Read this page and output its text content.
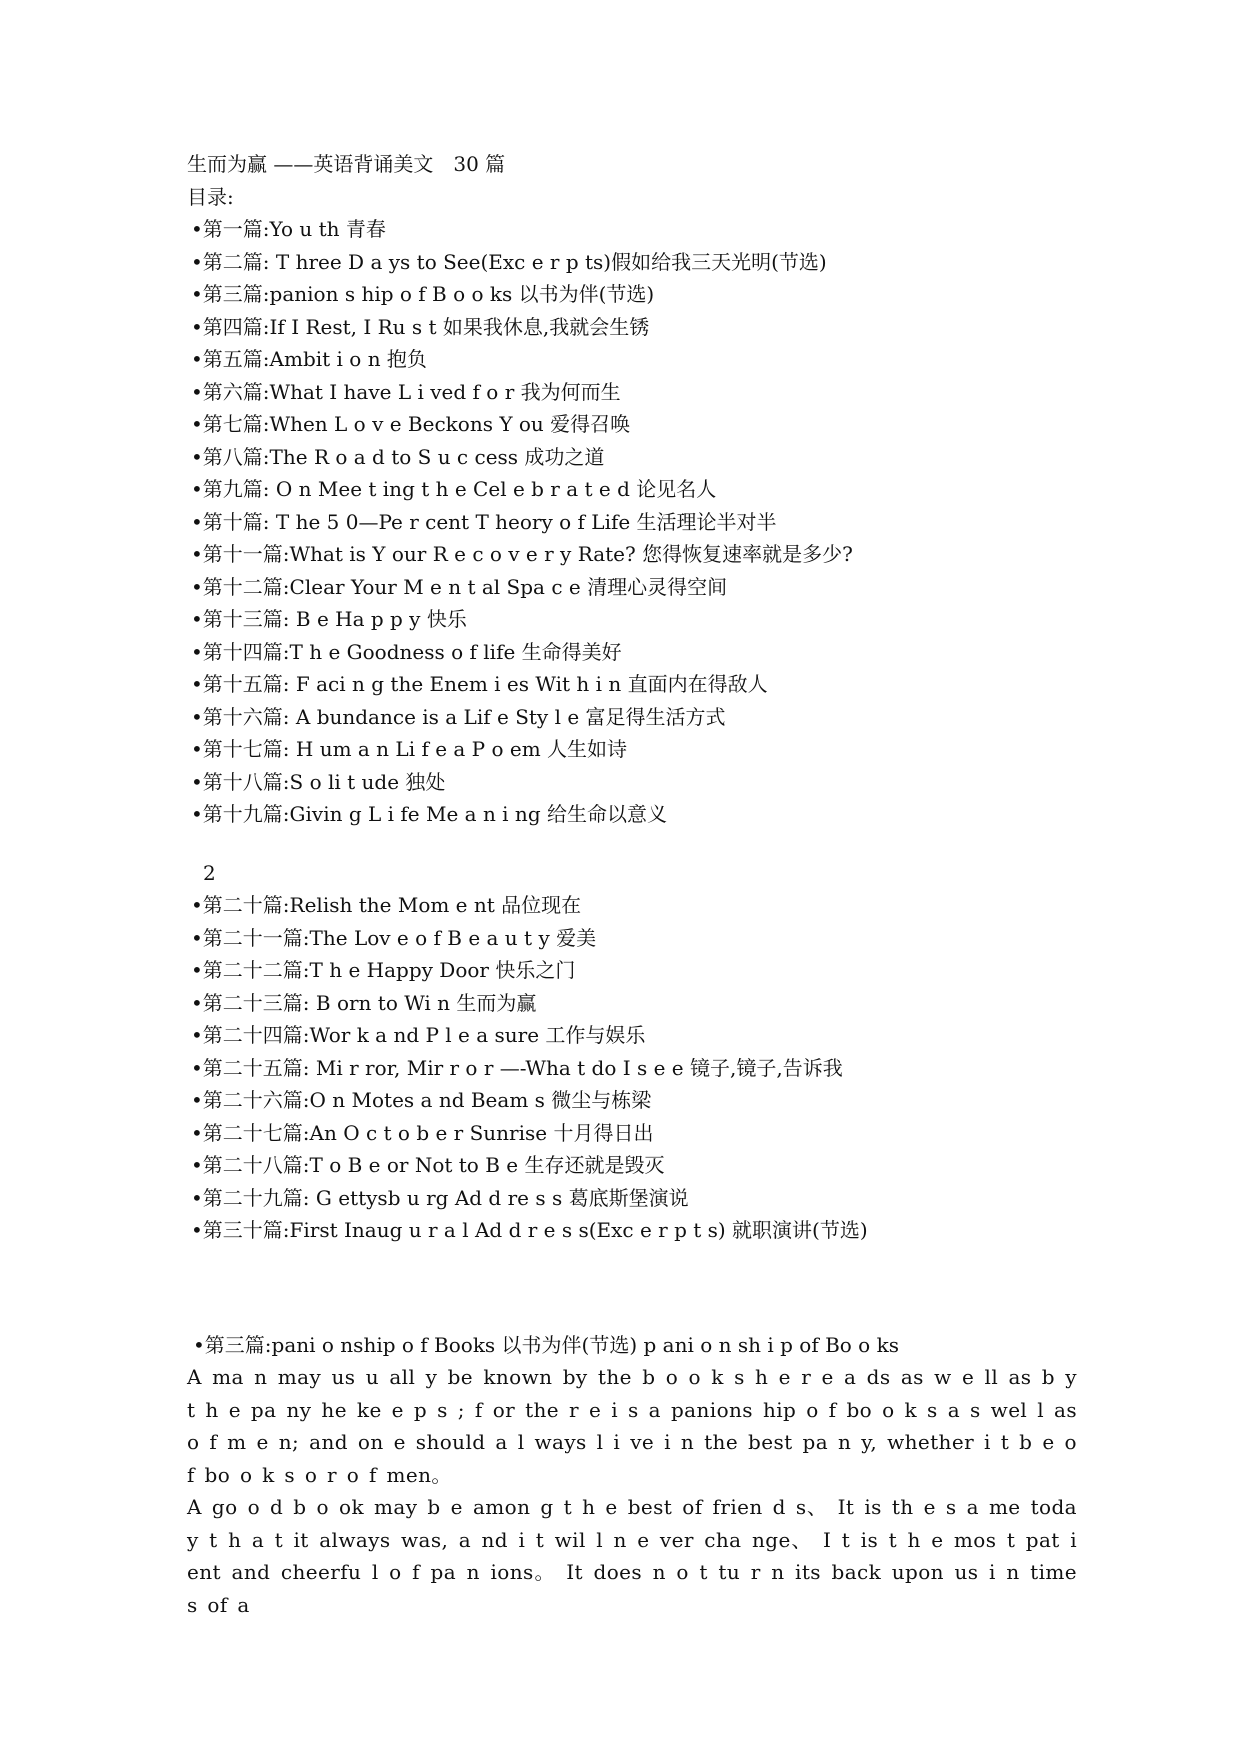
生而为赢 ——英语背诵美文　30 篇
目录:
•第一篇:Yo u th 青春
•第二篇: T hree D a ys to See(Exc e r p ts)假如给我三天光明(节选)
•第三篇:panion s hip o f B o o ks 以书为伴(节选)
•第四篇:If I Rest, I Ru s t 如果我休息,我就会生锈
•第五篇:Ambit i o n 抱负
•第六篇:What I have L i ved f o r 我为何而生
•第七篇:When L o v e Beckons Y ou 爱得召唤
•第八篇:The R o a d to S u c cess 成功之道
•第九篇: O n Mee t ing t h e Cel e b r a t e d 论见名人
•第十篇: T he 5 0—Pe r cent T heory o f Life 生活理论半对半
•第十一篇:What is Y our R e c o v e r y Rate? 您得恢复速率就是多少?
•第十二篇:Clear Your M e n t al Spa c e 清理心灵得空间
•第十三篇: B e Ha p p y 快乐
•第十四篇:T h e Goodness o f life 生命得美好
•第十五篇: F aci n g the Enem i es Wit h i n 直面内在得敌人
•第十六篇: A bundance is a Lif e Sty l e 富足得生活方式
•第十七篇: H um a n Li f e a P o em 人生如诗
•第十八篇:S o li t ude 独处
•第十九篇:Givin g L i fe Me a n i ng 给生命以意义
2
•第二十篇:Relish the Mom e nt 品位现在
•第二十一篇:The Lov e o f B e a u t y 爱美
•第二十二篇:T h e Happy Door 快乐之门
•第二十三篇: B orn to Wi n 生而为赢
•第二十四篇:Wor k a nd P l e a sure 工作与娱乐
•第二十五篇: Mi r ror, Mir r o r —-Wha t do I s e e 镜子,镜子,告诉我
•第二十六篇:O n Motes a nd Beam s 微尘与栋梁
•第二十七篇:An O c t o b e r Sunrise 十月得日出
•第二十八篇:T o B e or Not to B e 生存还就是毁灭
•第二十九篇: G ettysb u rg Ad d re s s 葛底斯堡演说
•第三十篇:First Inaug u r a l Ad d r e s s(Exc e r p t s) 就职演讲(节选)
•第三篇:pani o nship o f Books 以书为伴(节选) p ani o n sh i p of Bo o ks

A ma n may us u all y be known by the b o o k s h e r e a ds as w e ll as b y t h e pa ny he ke e p s ; f or the r e i s a panions hip o f bo o k s a s wel l as o f m e n; and on e should a l ways l i ve i n the best pa n y, whether i t b e o f bo o k s o r o f men。

A go o d b o ok may b e amon g t h e best of frien d s、 It is th e s a me toda y t h a t it always was, a nd i t wil l n e ver cha nge、 I t is t h e mos t pat i ent and cheerfu l o f pa n ions。 It does n o t tu r n its back upon us i n time s of a
